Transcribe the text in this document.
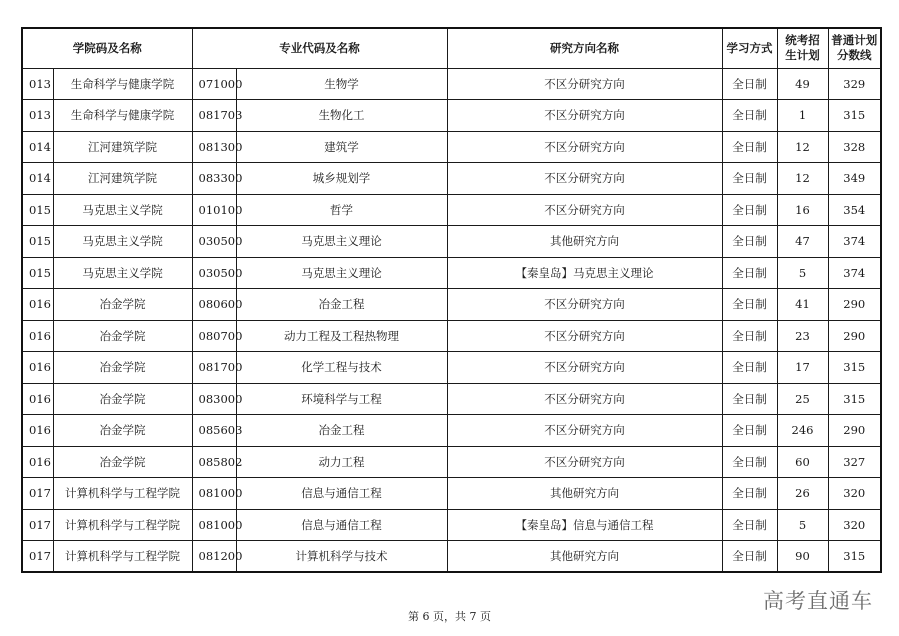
学院码及名称		专业代码及名称		研究方向名称	学习方式	统考招生计划	普通计划分数线
013	生命科学与健康学院	071000	生物学	不区分研究方向	全日制	49	329
013	生命科学与健康学院	081703	生物化工	不区分研究方向	全日制	1	315
014	江河建筑学院	081300	建筑学	不区分研究方向	全日制	12	328
014	江河建筑学院	083300	城乡规划学	不区分研究方向	全日制	12	349
015	马克思主义学院	010100	哲学	不区分研究方向	全日制	16	354
015	马克思主义学院	030500	马克思主义理论	其他研究方向	全日制	47	374
015	马克思主义学院	030500	马克思主义理论	【秦皇岛】马克思主义理论	全日制	5	374
016	冶金学院	080600	冶金工程	不区分研究方向	全日制	41	290
016	冶金学院	080700	动力工程及工程热物理	不区分研究方向	全日制	23	290
016	冶金学院	081700	化学工程与技术	不区分研究方向	全日制	17	315
016	冶金学院	083000	环境科学与工程	不区分研究方向	全日制	25	315
016	冶金学院	085603	冶金工程	不区分研究方向	全日制	246	290
016	冶金学院	085802	动力工程	不区分研究方向	全日制	60	327
017	计算机科学与工程学院	081000	信息与通信工程	其他研究方向	全日制	26	320
017	计算机科学与工程学院	081000	信息与通信工程	【秦皇岛】信息与通信工程	全日制	5	320
017	计算机科学与工程学院	081200	计算机科学与技术	其他研究方向	全日制	90	315
第 6 页，共 7 页
高考直通车
